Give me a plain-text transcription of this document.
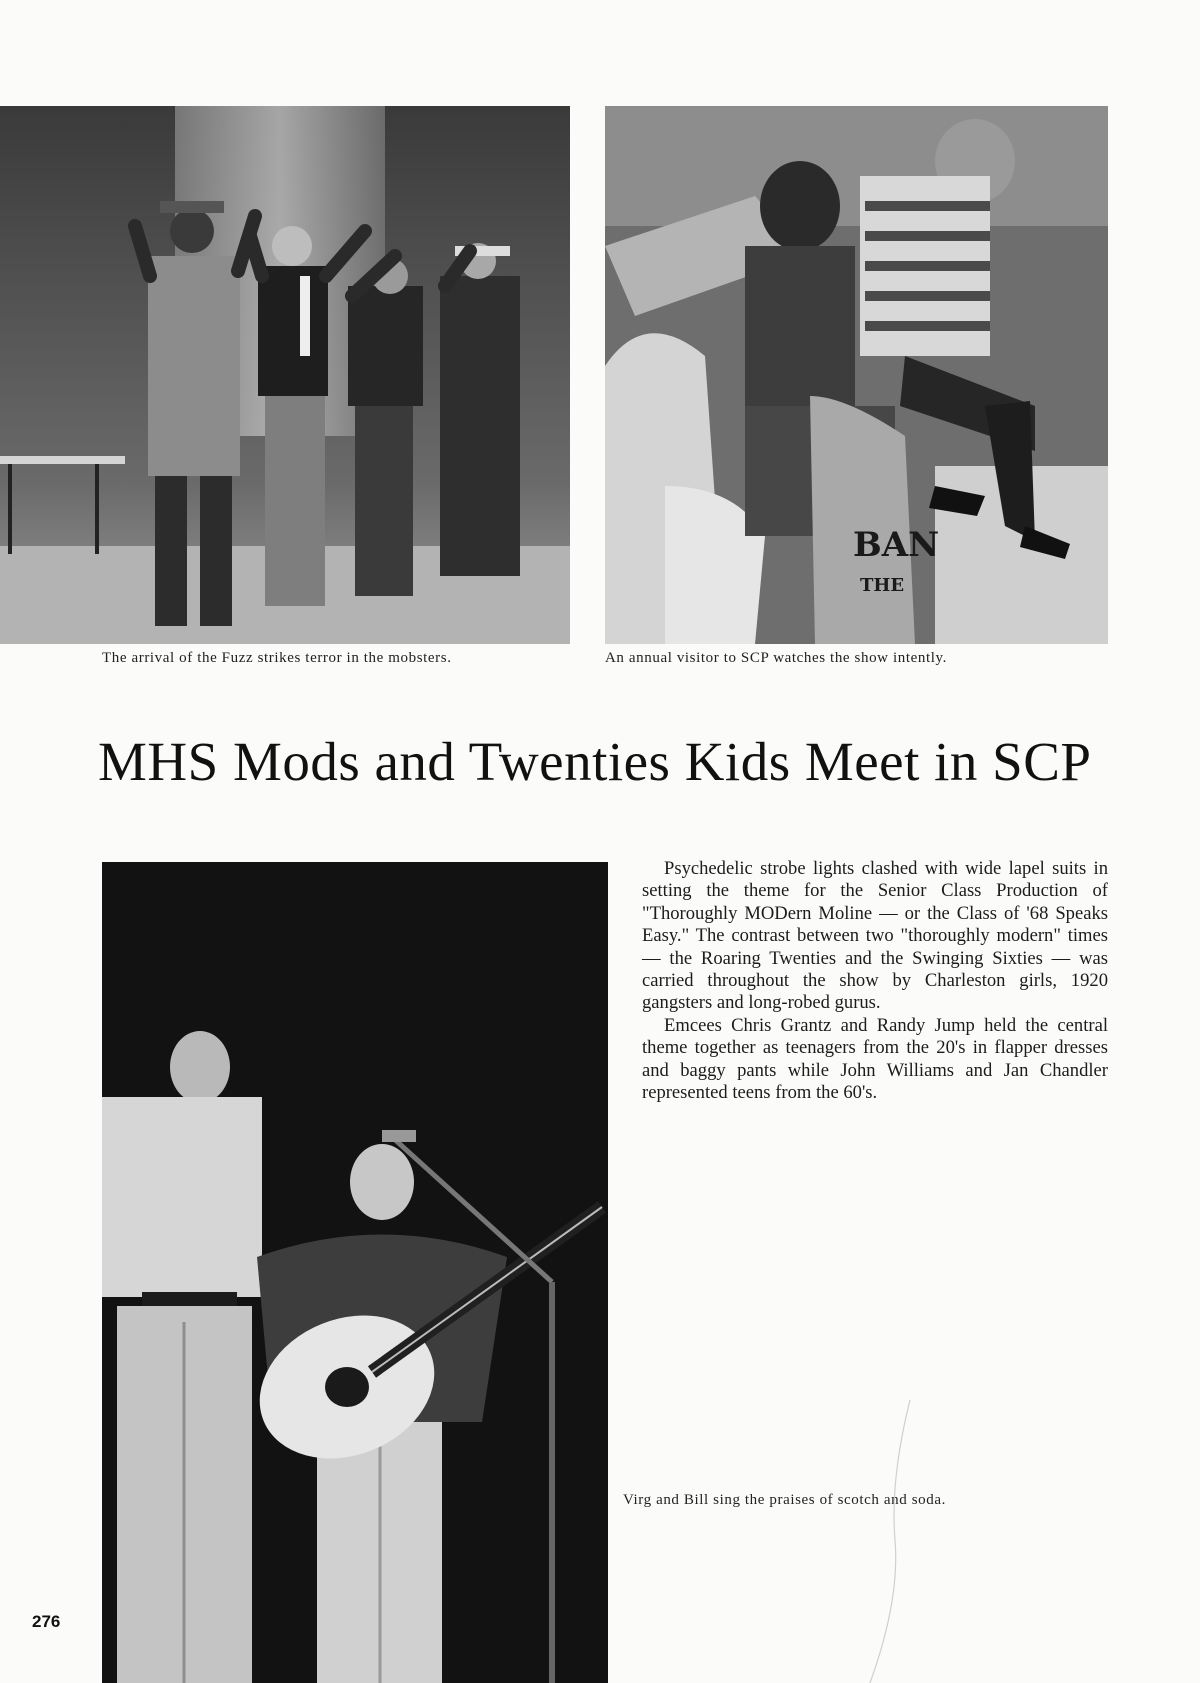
The arrival of the Fuzz strikes terror in the mobsters.
BAN
THE
An annual visitor to SCP watches the show intently.
MHS Mods and Twenties Kids Meet in SCP

Psychedelic strobe lights clashed with wide lapel suits in setting the theme for the Senior Class Production of "Thoroughly MODern Moline — or the Class of '68 Speaks Easy." The contrast between two "thoroughly modern" times — the Roaring Twenties and the Swinging Sixties — was carried throughout the show by Charleston girls, 1920 gangsters and long-robed gurus.

Emcees Chris Grantz and Randy Jump held the central theme together as teenagers from the 20's in flapper dresses and baggy pants while John Williams and Jan Chandler represented teens from the 60's.

Virg and Bill sing the praises of scotch and soda.
276
